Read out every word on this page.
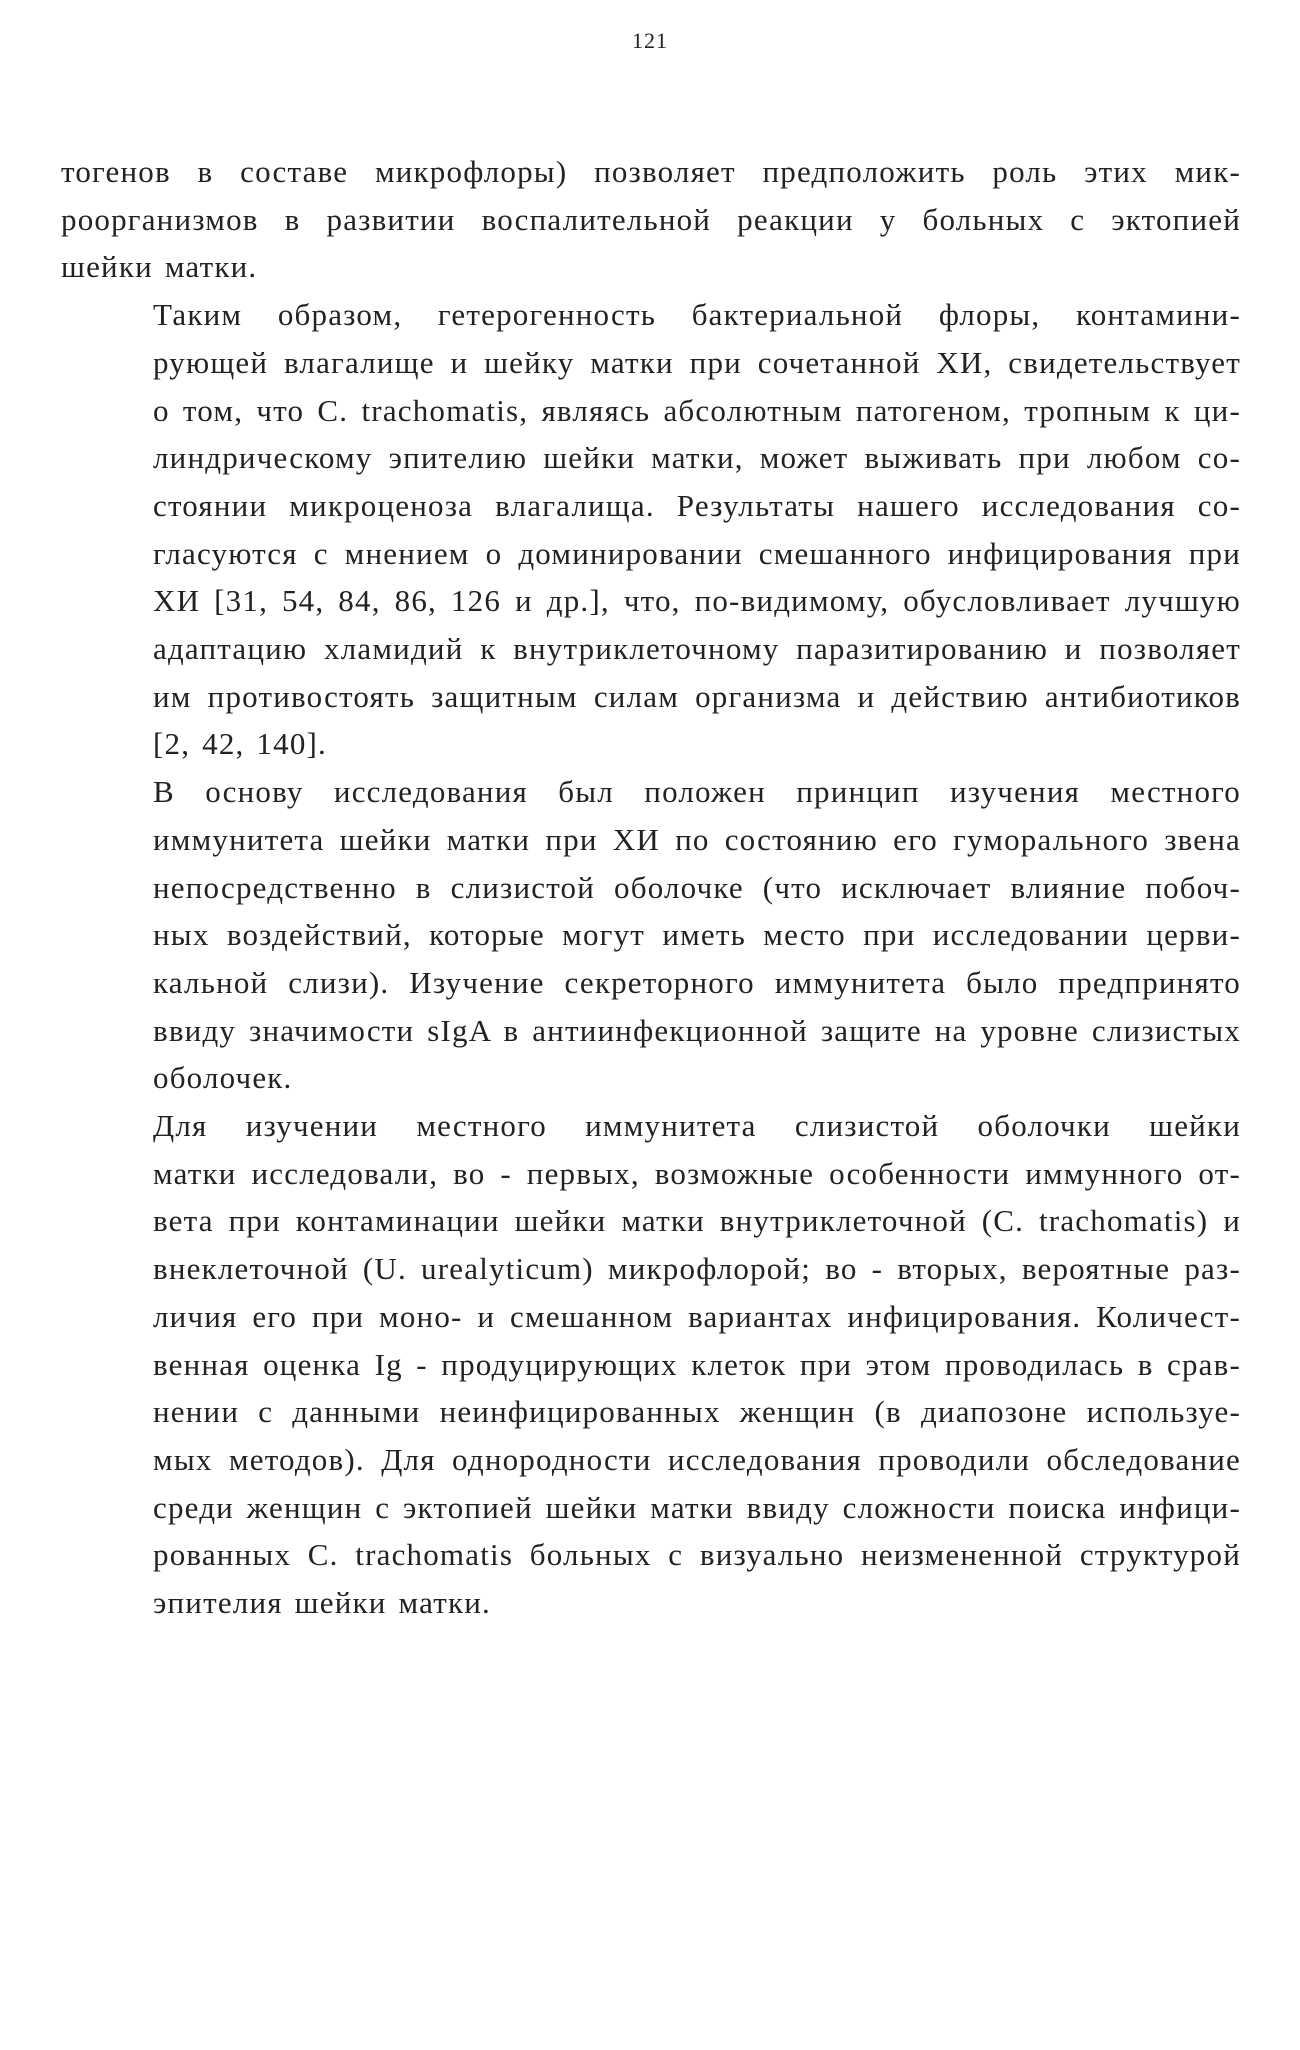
121

тогенов в составе микрофлоры) позволяет предположить роль этих мик-
роорганизмов в развитии воспалительной реакции у больных с эктопией
шейки матки.

Таким образом, гетерогенность бактериальной флоры, контамини-
рующей влагалище и шейку матки при сочетанной ХИ, свидетельствует
о том, что C. trachomatis, являясь абсолютным патогеном, тропным к ци-
линдрическому эпителию шейки матки, может выживать при любом со-
стоянии микроценоза влагалища. Результаты нашего исследования со-
гласуются с мнением о доминировании смешанного инфицирования при
ХИ [31, 54, 84, 86, 126 и др.], что, по-видимому, обусловливает лучшую
адаптацию хламидий к внутриклеточному паразитированию и позволяет
им противостоять защитным силам организма и действию антибиотиков
[2, 42, 140].

В основу исследования был положен принцип изучения местного
иммунитета шейки матки при ХИ по состоянию его гуморального звена
непосредственно в слизистой оболочке (что исключает влияние побоч-
ных воздействий, которые могут иметь место при исследовании церви-
кальной слизи). Изучение секреторного иммунитета было предпринято
ввиду значимости sIgA в антиинфекционной защите на уровне слизистых
оболочек.

Для изучении местного иммунитета слизистой оболочки шейки
матки исследовали, во - первых, возможные особенности иммунного от-
вета при контаминации шейки матки внутриклеточной (C. trachomatis) и
внеклеточной (U. urealyticum) микрофлорой; во - вторых, вероятные раз-
личия его при моно- и смешанном вариантах инфицирования. Количест-
венная оценка Ig - продуцирующих клеток при этом проводилась в срав-
нении с данными неинфицированных женщин (в диапозоне используе-
мых методов). Для однородности исследования проводили обследование
среди женщин с эктопией шейки матки ввиду сложности поиска инфици-
рованных C. trachomatis больных с визуально неизмененной структурой
эпителия шейки матки.
